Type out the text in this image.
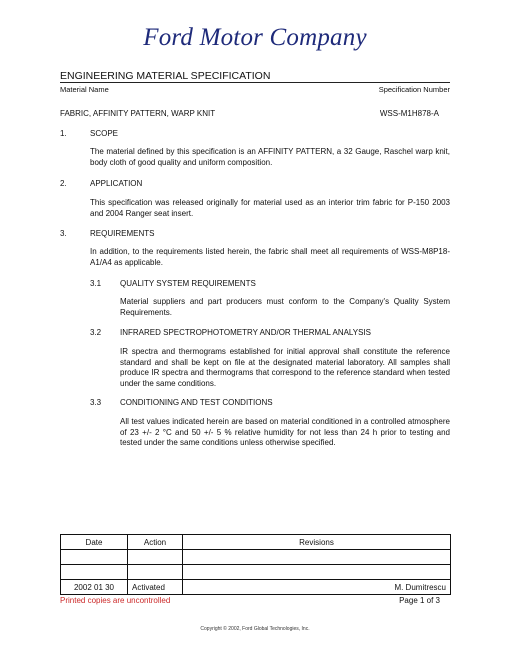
Ford Motor Company
ENGINEERING MATERIAL SPECIFICATION
Material Name	Specification Number
FABRIC, AFFINITY PATTERN, WARP KNIT	WSS-M1H878-A
1.	SCOPE
The material defined by this specification is an AFFINITY PATTERN, a 32 Gauge, Raschel warp knit, body cloth of good quality and uniform composition.
2.	APPLICATION
This specification was released originally for material used as an interior trim fabric for P-150 2003 and 2004 Ranger seat insert.
3.	REQUIREMENTS
In addition, to the requirements listed herein, the fabric shall meet all requirements of WSS-M8P18-A1/A4 as applicable.
3.1 QUALITY SYSTEM REQUIREMENTS
Material suppliers and part producers must conform to the Company's Quality System Requirements.
3.2 INFRARED SPECTROPHOTOMETRY AND/OR THERMAL ANALYSIS
IR spectra and thermograms established for initial approval shall constitute the reference standard and shall be kept on file at the designated material laboratory. All samples shall produce IR spectra and thermograms that correspond to the reference standard when tested under the same conditions.
3.3 CONDITIONING AND TEST CONDITIONS
All test values indicated herein are based on material conditioned in a controlled atmosphere of 23 +/- 2 °C and 50 +/- 5 % relative humidity for not less than 24 h prior to testing and tested under the same conditions unless otherwise specified.
Date	Action	Revisions

2002 01 30	Activated	M. Dumitrescu
Printed copies are uncontrolled	Page 1 of 3
Copyright © 2002, Ford Global Technologies, Inc.
